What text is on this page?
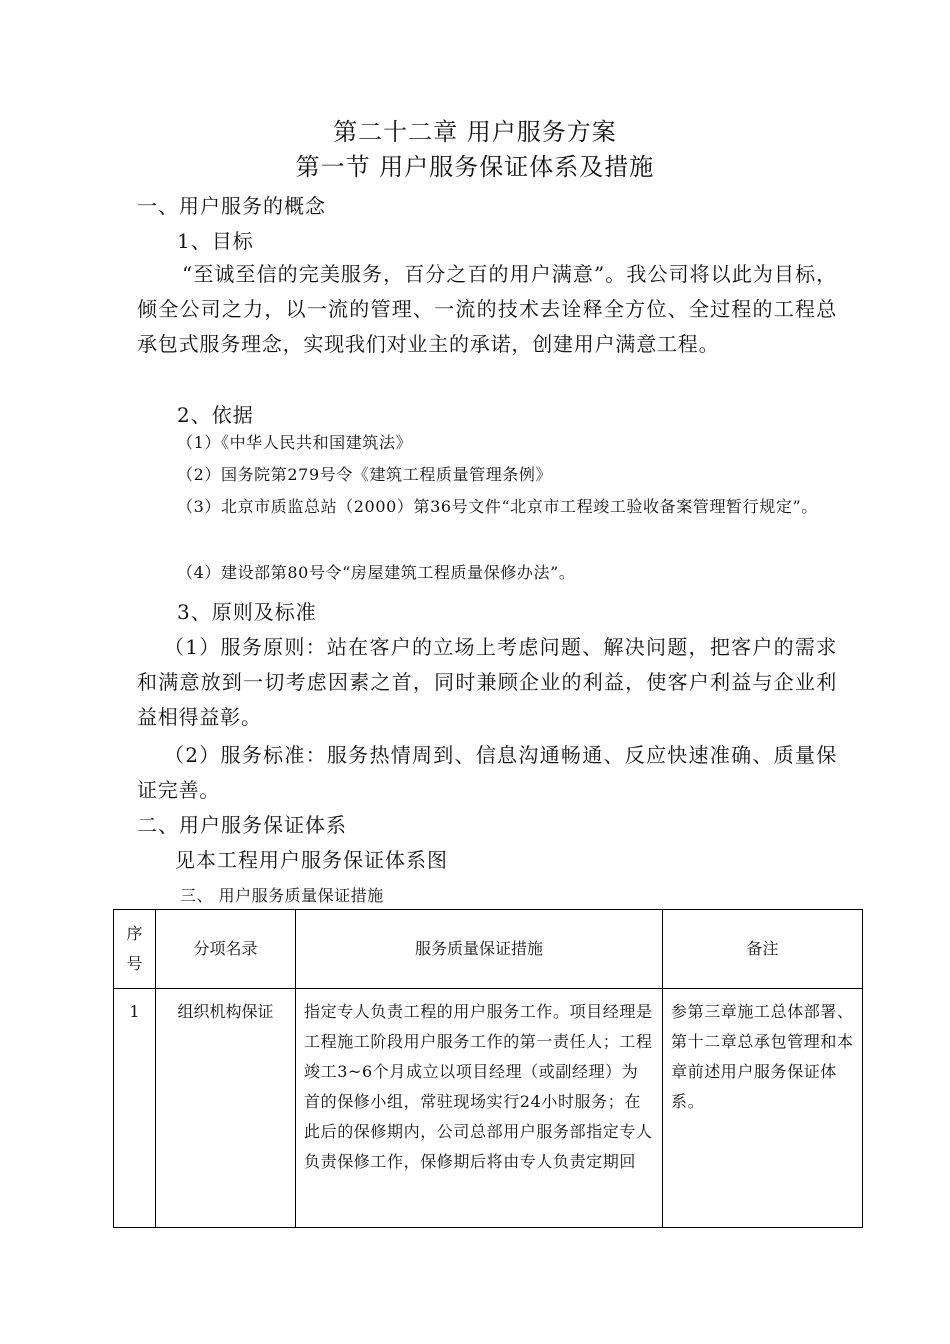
第二十二章 用户服务方案
第一节 用户服务保证体系及措施
一、用户服务的概念
1、目标
“至诚至信的完美服务，百分之百的用户满意”。我公司将以此为目标，倾全公司之力，以一流的管理、一流的技术去诠释全方位、全过程的工程总承包式服务理念，实现我们对业主的承诺，创建用户满意工程。
2、依据
（1）《中华人民共和国建筑法》
（2）国务院第279号令《建筑工程质量管理条例》
（3）北京市质监总站（2000）第36号文件“北京市工程竣工验收备案管理暂行规定”。
（4）建设部第80号令“房屋建筑工程质量保修办法”。
3、原则及标准
（1）服务原则：站在客户的立场上考虑问题、解决问题，把客户的需求和满意放到一切考虑因素之首，同时兼顾企业的利益，使客户利益与企业利益相得益彰。
（2）服务标准：服务热情周到、信息沟通畅通、反应快速准确、质量保证完善。
二、用户服务保证体系
见本工程用户服务保证体系图
三、 用户服务质量保证措施
序号	分项名录	服务质量保证措施	备注
1	组织机构保证	指定专人负责工程的用户服务工作。项目经理是工程施工阶段用户服务工作的第一责任人；工程竣工3~6个月成立以项目经理（或副经理）为首的保修小组，常驻现场实行24小时服务；在此后的保修期内，公司总部用户服务部指定专人负责保修工作，保修期后将由专人负责定期回	参第三章施工总体部署、第十二章总承包管理和本章前述用户服务保证体系。
